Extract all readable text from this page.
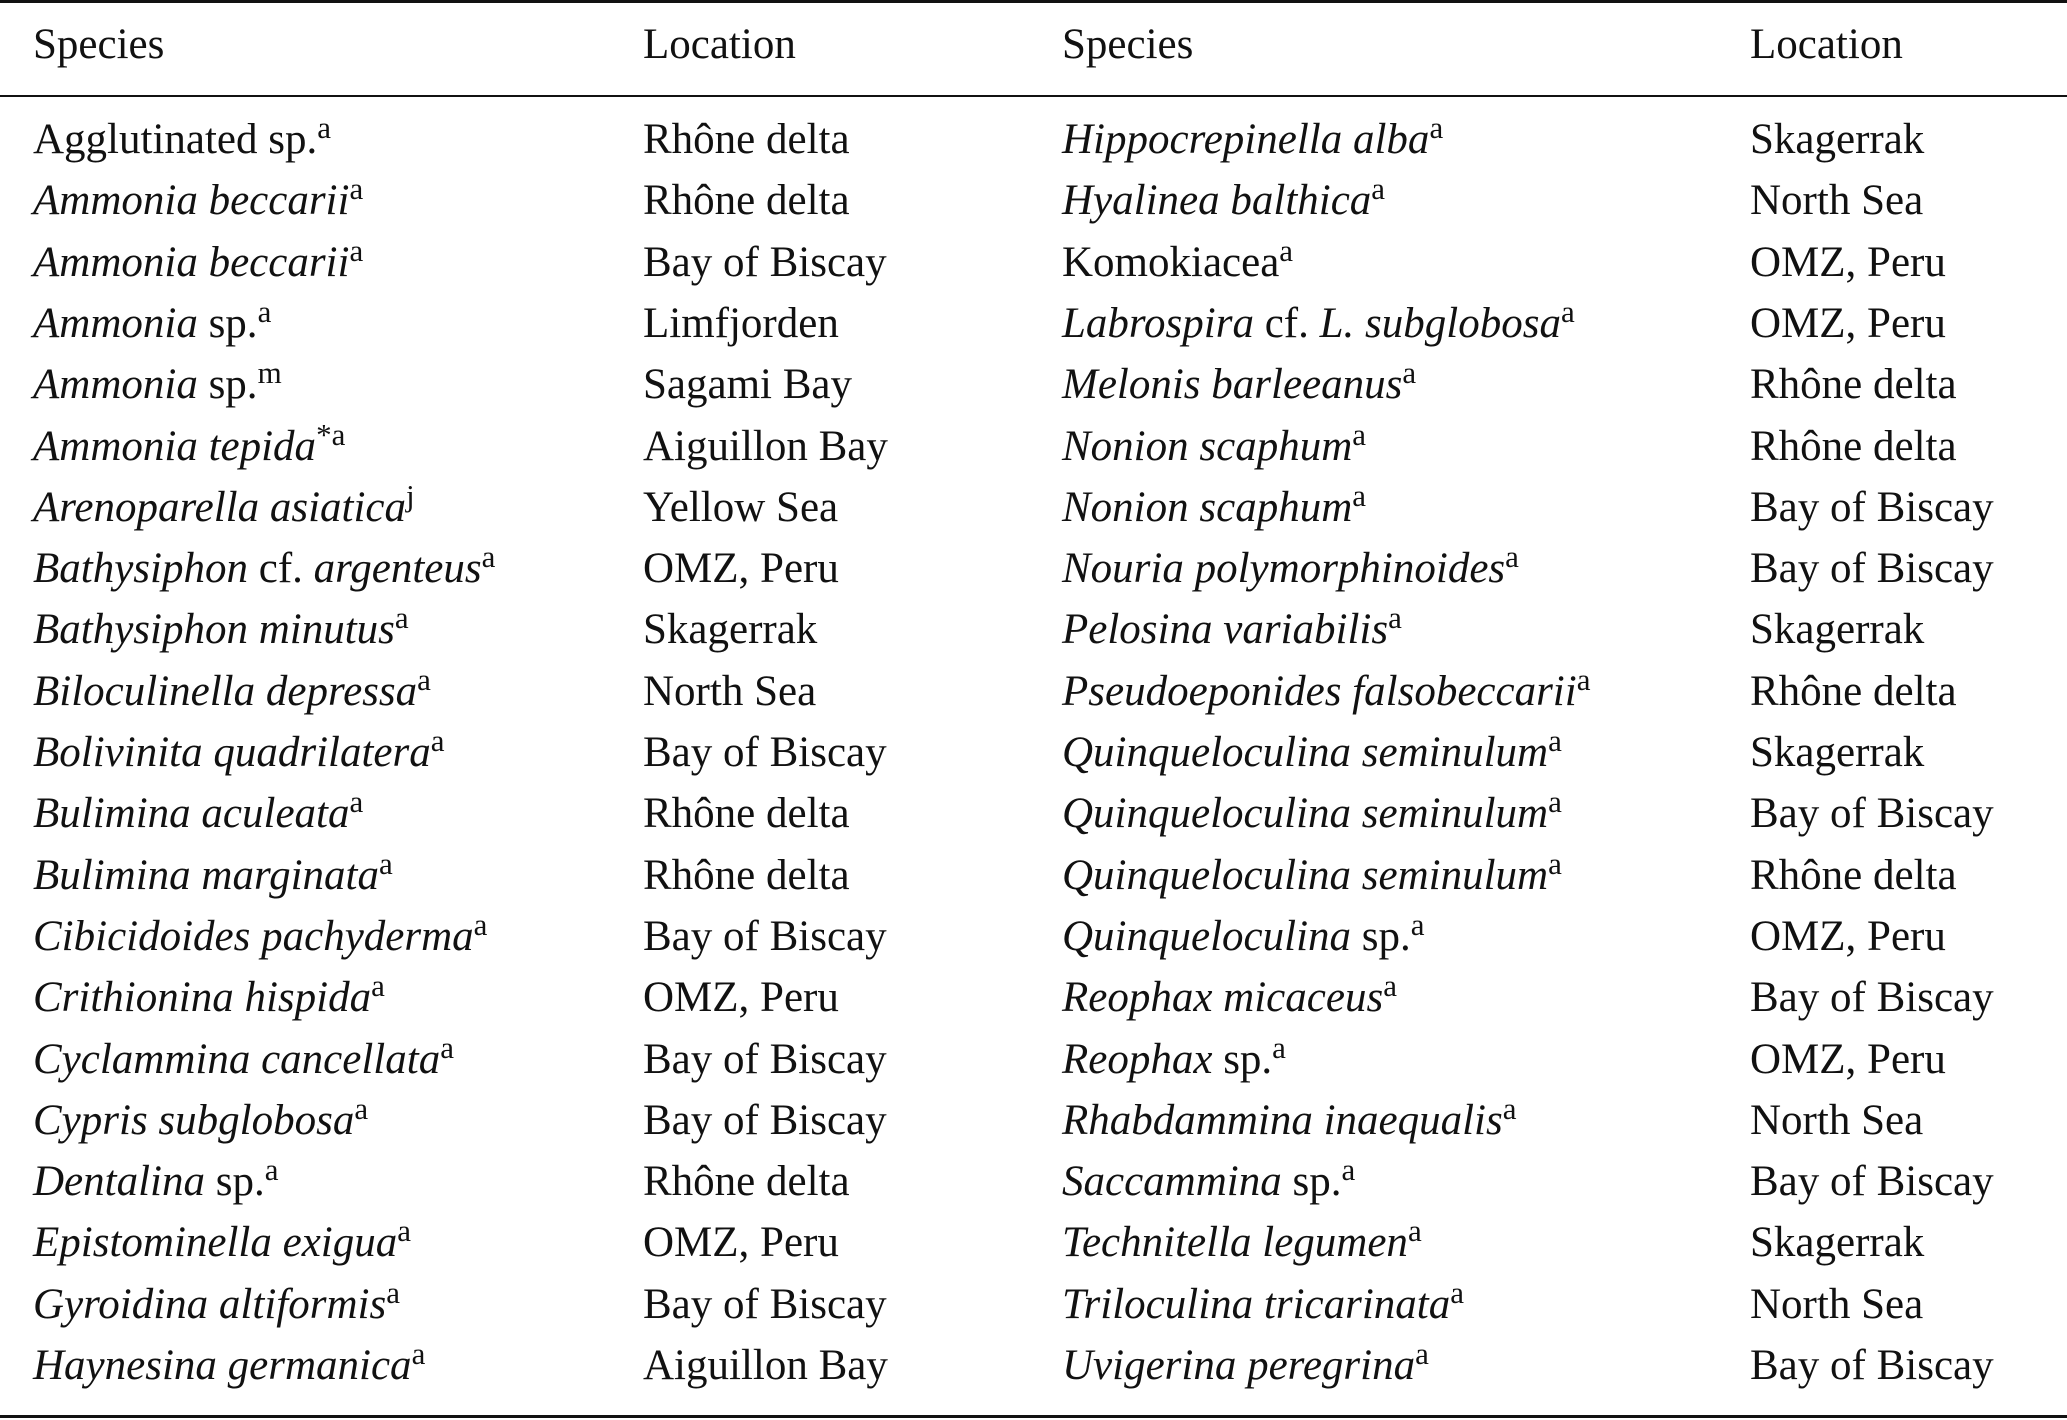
Species	Location	Species	Location
Agglutinated sp.$^a$	Rhône delta	Hippocrepinella alba$^a$	Skagerrak
Ammonia beccarii$^a$	Rhône delta	Hyalinea balthica$^a$	North Sea
Ammonia beccarii$^a$	Bay of Biscay	Komokiacea$^a$	OMZ, Peru
Ammonia sp.$^a$	Limfjorden	Labrospira cf. L. subglobosa$^a$	OMZ, Peru
Ammonia sp.$^m$	Sagami Bay	Melonis barleeanus$^a$	Rhône delta
Ammonia tepida$^{*a}$	Aiguillon Bay	Nonion scaphum$^a$	Rhône delta
Arenoparella asiatica$^j$	Yellow Sea	Nonion scaphum$^a$	Bay of Biscay
Bathysiphon cf. argenteus$^a$	OMZ, Peru	Nouria polymorphinoides$^a$	Bay of Biscay
Bathysiphon minutus$^a$	Skagerrak	Pelosina variabilis$^a$	Skagerrak
Biloculinella depressa$^a$	North Sea	Pseudoeponides falsobeccarii$^a$	Rhône delta
Bolivinita quadrilatera$^a$	Bay of Biscay	Quinqueloculina seminulum$^a$	Skagerrak
Bulimina aculeata$^a$	Rhône delta	Quinqueloculina seminulum$^a$	Bay of Biscay
Bulimina marginata$^a$	Rhône delta	Quinqueloculina seminulum$^a$	Rhône delta
Cibicidoides pachyderma$^a$	Bay of Biscay	Quinqueloculina sp.$^a$	OMZ, Peru
Crithionina hispida$^a$	OMZ, Peru	Reophax micaceus$^a$	Bay of Biscay
Cyclammina cancellata$^a$	Bay of Biscay	Reophax sp.$^a$	OMZ, Peru
Cypris subglobosa$^a$	Bay of Biscay	Rhabdammina inaequalis$^a$	North Sea
Dentalina sp.$^a$	Rhône delta	Saccammina sp.$^a$	Bay of Biscay
Epistominella exigua$^a$	OMZ, Peru	Technitella legumen$^a$	Skagerrak
Gyroidina altiformis$^a$	Bay of Biscay	Triloculina tricarinata$^a$	North Sea
Haynesina germanica$^a$	Aiguillon Bay	Uvigerina peregrina$^a$	Bay of Biscay
